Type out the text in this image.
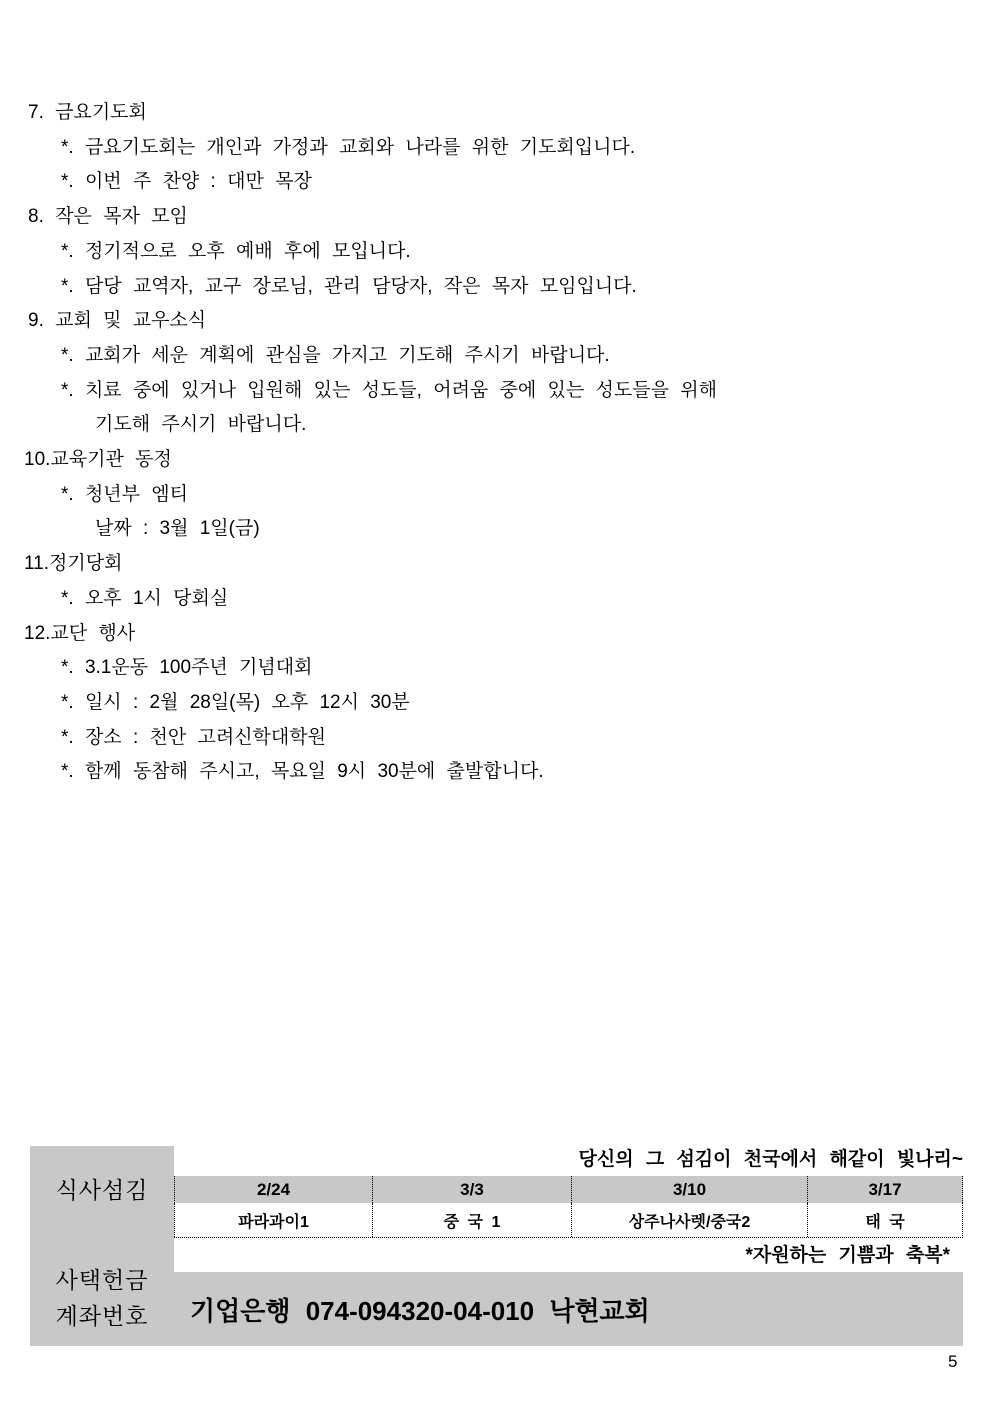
7. 금요기도회
*. 금요기도회는 개인과 가정과 교회와 나라를 위한 기도회입니다.
*. 이번 주 찬양 : 대만 목장
8. 작은 목자 모임
*. 정기적으로 오후 예배 후에 모입니다.
*. 담당 교역자, 교구 장로님, 관리 담당자, 작은 목자 모임입니다.
9. 교회 및 교우소식
*. 교회가 세운 계획에 관심을 가지고 기도해 주시기 바랍니다.
*. 치료 중에 있거나 입원해 있는 성도들, 어려움 중에 있는 성도들을 위해
기도해 주시기 바랍니다.
10.교육기관 동정
*. 청년부 엠티
날짜 : 3월 1일(금)
11.정기당회
*. 오후 1시 당회실
12.교단 행사
*. 3.1운동 100주년 기념대회
*. 일시 : 2월 28일(목) 오후 12시 30분
*. 장소 : 천안 고려신학대학원
*. 함께 동참해 주시고, 목요일 9시 30분에 출발합니다.
식사섬김
사택헌금
계좌번호
당신의 그 섬김이 천국에서 해같이 빛나리~
2/24	3/3	3/10	3/17
파라과이1	중 국 1	상주나사렛/중국2	태 국
*자원하는 기쁨과 축복*
기업은행 074-094320-04-010 낙현교회
5
